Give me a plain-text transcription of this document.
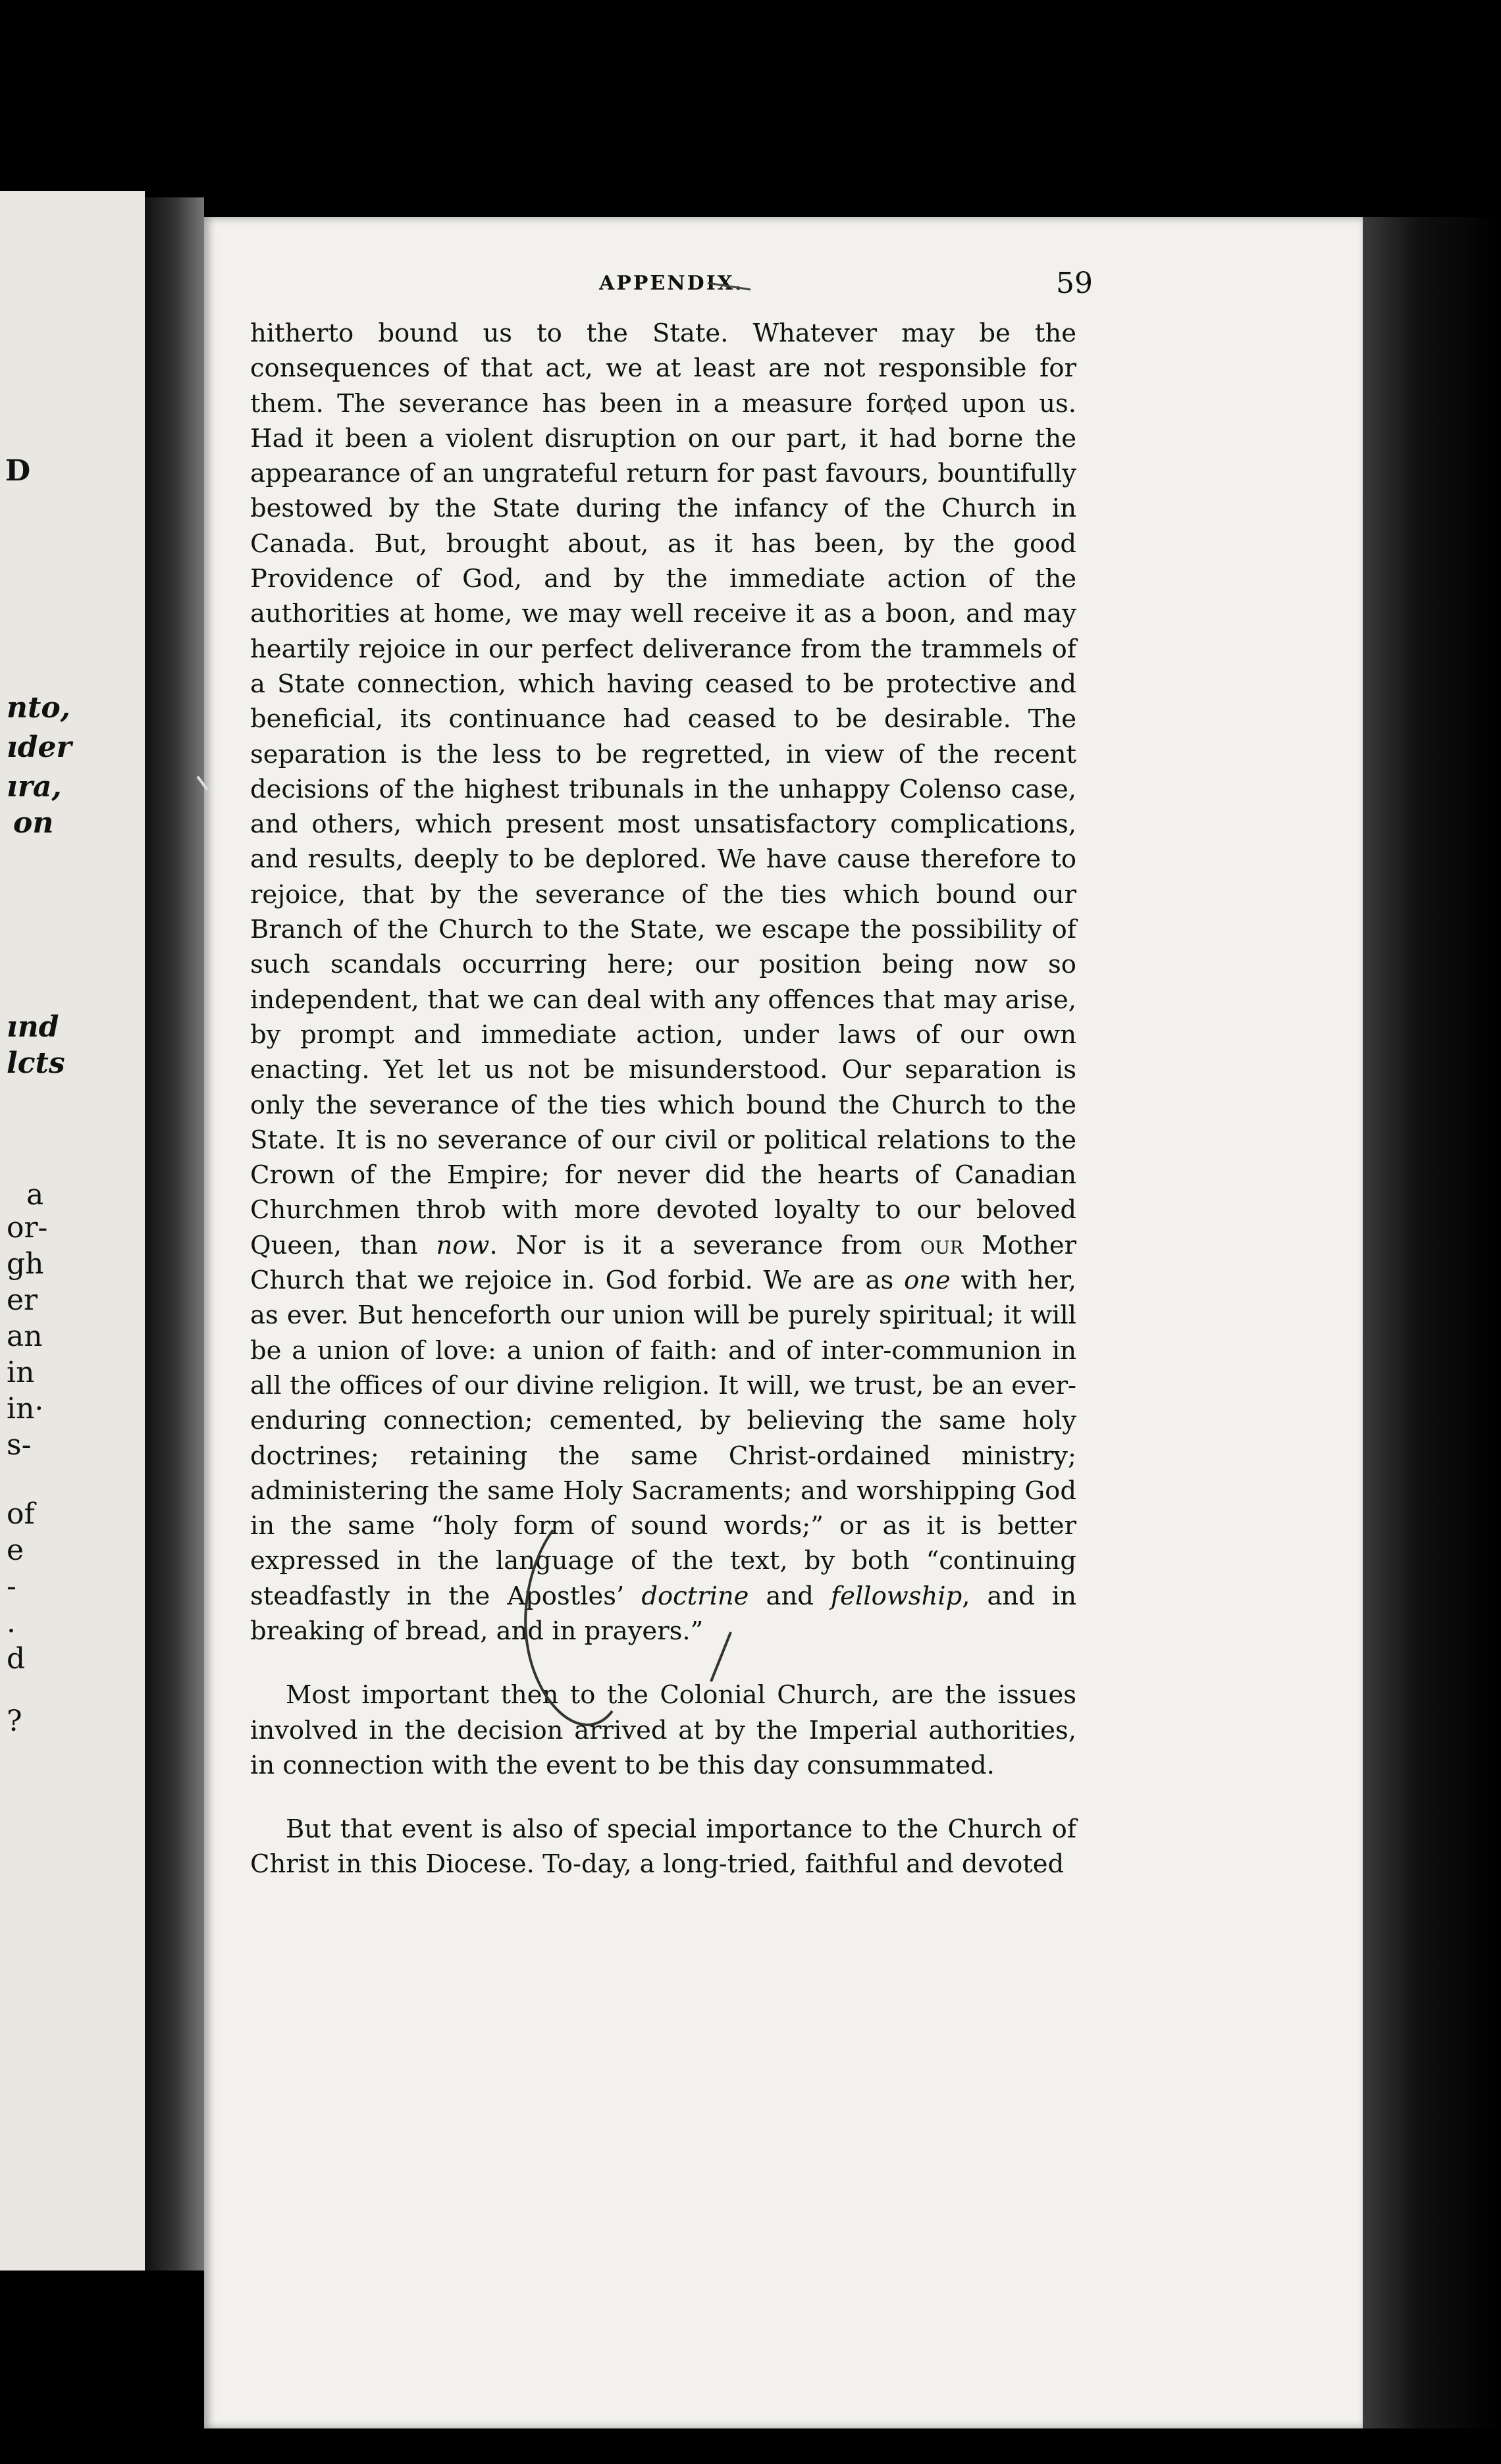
D
nto,
ıder
ıra,
on
ınd
lcts
a
or-
gh
er
an
in
in·
s-
of
e
-
.
d
?
APPENDIX.	59

hitherto bound us to the State. Whatever may be the consequences of that act, we at least are not responsible for them. The severance has been in a measure forced upon us. Had it been a violent disruption on our part, it had borne the appearance of an ungrateful return for past favours, bountifully bestowed by the State during the infancy of the Church in Canada. But, brought about, as it has been, by the good Providence of God, and by the immediate action of the authorities at home, we may well receive it as a boon, and may heartily rejoice in our perfect deliverance from the trammels of a State connection, which having ceased to be protective and beneficial, its continuance had ceased to be desirable. The separation is the less to be regretted, in view of the recent decisions of the highest tribunals in the unhappy Colenso case, and others, which present most unsatisfactory complications, and results, deeply to be deplored. We have cause therefore to rejoice, that by the severance of the ties which bound our Branch of the Church to the State, we escape the possibility of such scandals occurring here; our position being now so independent, that we can deal with any offences that may arise, by prompt and immediate action, under laws of our own enacting. Yet let us not be misunderstood. Our separation is only the severance of the ties which bound the Church to the State. It is no severance of our civil or political relations to the Crown of the Empire; for never did the hearts of Canadian Churchmen throb with more devoted loyalty to our beloved Queen, than now. Nor is it a severance from our Mother Church that we rejoice in. God forbid. We are as one with her, as ever. But henceforth our union will be purely spiritual; it will be a union of love: a union of faith: and of inter-communion in all the offices of our divine religion. It will, we trust, be an ever-enduring connection; cemented, by believing the same holy doctrines; retaining the same Christ-ordained ministry; administering the same Holy Sacraments; and worshipping God in the same “holy form of sound words;” or as it is better expressed in the language of the text, by both “continuing steadfastly in the Apostles’ doctrine and fellowship, and in breaking of bread, and in prayers.”

Most important then to the Colonial Church, are the issues involved in the decision arrived at by the Imperial authorities, in connection with the event to be this day consummated.

But that event is also of special importance to the Church of Christ in this Diocese. To-day, a long-tried, faithful and devoted
